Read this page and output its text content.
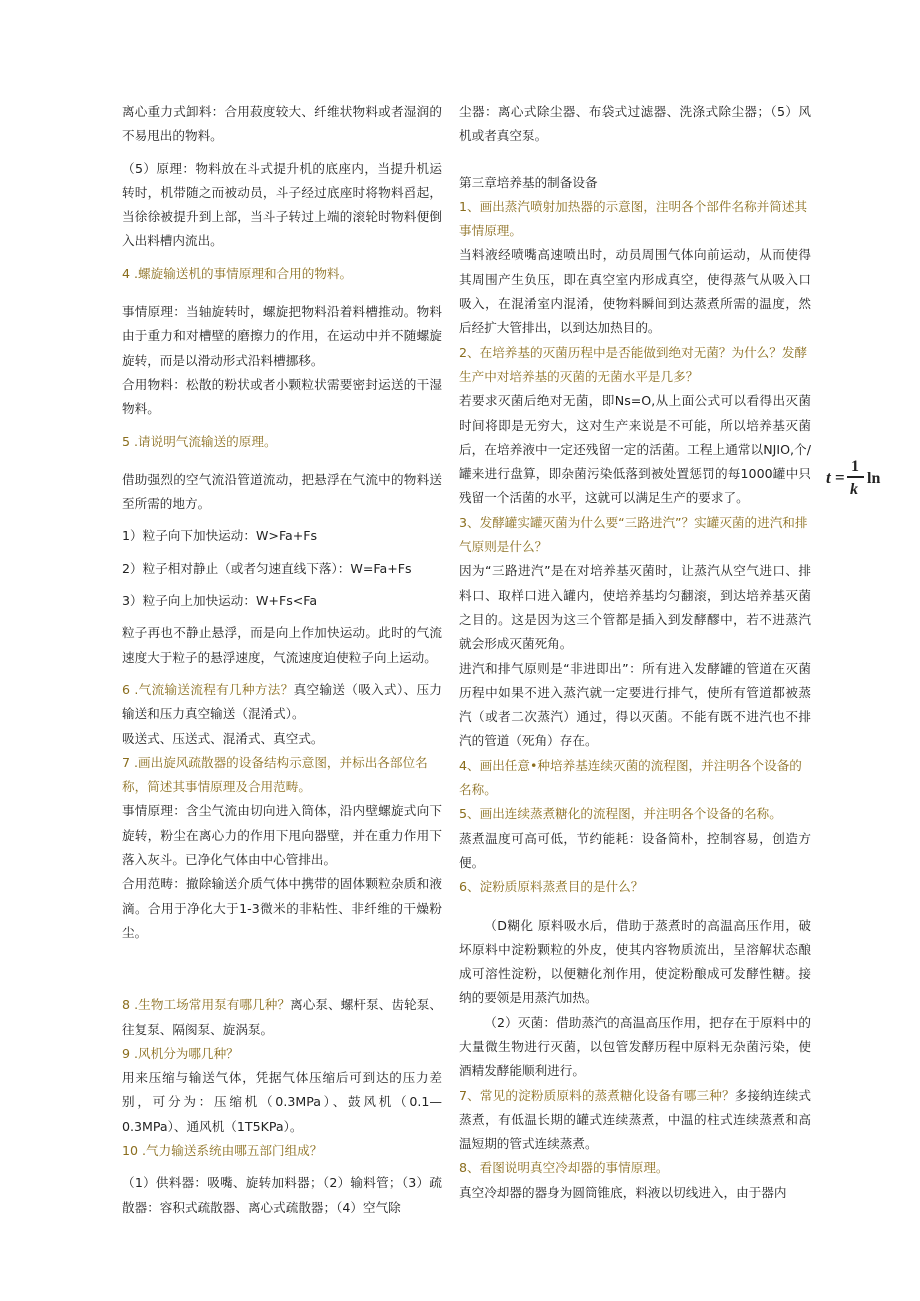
离心重力式卸料：合用菽度较大、纤维状物料或者湿润的不易甩出的物料。

（5）原理：物料放在斗式提升机的底座内，当提升机运转时，机带随之而被动员，斗子经过底座时将物料舀起，当徐徐被提升到上部，当斗子转过上端的滚轮时物料便倒入出料槽内流出。

4 .螺旋输送机的事情原理和合用的物料。

事情原理：当轴旋转时，螺旋把物料沿着料槽推动。物料由于重力和对槽壁的磨擦力的作用，在运动中并不随螺旋旋转，而是以滑动形式沿料槽挪移。

合用物料：松散的粉状或者小颗粒状需要密封运送的干湿物料。

5 .请说明气流输送的原理。

借助强烈的空气流沿管道流动，把悬浮在气流中的物料送至所需的地方。

1）粒子向下加快运动：W>Fa+Fs

2）粒子相对静止（或者匀速直线下落）：W=Fa+Fs

3）粒子向上加快运动：W+Fs<Fa

粒子再也不静止悬浮，而是向上作加快运动。此时的气流速度大于粒子的悬浮速度，气流速度迫使粒子向上运动。

6 .气流输送流程有几种方法？真空输送（吸入式）、压力输送和压力真空输送（混淆式）。

吸送式、压送式、混淆式、真空式。

7 .画出旋风疏散器的设备结构示意图，并标出各部位名称，简述其事情原理及合用范畴。

事情原理：含尘气流由切向进入筒体，沿内壁螺旋式向下旋转，粉尘在离心力的作用下甩向器壁，并在重力作用下落入灰斗。已净化气体由中心管排出。

合用范畴：撤除输送介质气体中携带的固体颗粒杂质和液滴。合用于净化大于1-3微米的非粘性、非纤维的干燥粉尘。

8 .生物工场常用泵有哪几种？离心泵、螺杆泵、齿轮泵、往复泵、隔阂泵、旋涡泵。

9 .风机分为哪几种？

用来压缩与输送气体，凭据气体压缩后可到达的压力差别，可分为：压缩机（0.3MPa）、鼓风机（0.1—0.3MPa）、通风机（1T5KPa）。

10 .气力输送系统由哪五部门组成？

（1）供料器：吸嘴、旋转加料器；（2）输料管；（3）疏散器：容积式疏散器、离心式疏散器；（4）空气除

尘器：离心式除尘器、布袋式过滤器、洗涤式除尘器；（5）风机或者真空泵。

第三章培养基的制备设备

1、画出蒸汽喷射加热器的示意图，注明各个部件名称并简述其事情原理。

当料液经喷嘴高速喷出时，动员周围气体向前运动，从而使得其周围产生负压，即在真空室内形成真空，使得蒸气从吸入口吸入，在混淆室内混淆，使物料瞬间到达蒸煮所需的温度，然后经扩大管排出，以到达加热目的。

2、在培养基的灭菌历程中是否能做到绝对无菌？为什么？发酵生产中对培养基的灭菌的无菌水平是几多？

若要求灭菌后绝对无菌，即Ns=O,从上面公式可以看得出灭菌时间将即是无穷大，这对生产来说是不可能，所以培养基灭菌后，在培养液中一定还残留一定的活菌。工程上通常以NJIO,个/罐来进行盘算，即杂菌污染低落到被处置惩罚的每1000罐中只残留一个活菌的水平，这就可以满足生产的要求了。

3、发酵罐实罐灭菌为什么要“三路进汽”？实罐灭菌的进汽和排气原则是什么？

因为“三路进汽”是在对培养基灭菌时，让蒸汽从空气进口、排料口、取样口进入罐内，使培养基均匀翻滚，到达培养基灭菌之目的。这是因为这三个管都是插入到发酵醪中，若不进蒸汽就会形成灭菌死角。

进汽和排气原则是“非进即出”：所有进入发酵罐的管道在灭菌历程中如果不进入蒸汽就一定要进行排气，使所有管道都被蒸汽（或者二次蒸汽）通过，得以灭菌。不能有既不进汽也不排汽的管道（死角）存在。

4、画出任意•种培养基连续灭菌的流程图，并注明各个设备的名称。

5、画出连续蒸煮糖化的流程图，并注明各个设备的名称。

蒸煮温度可高可低，节约能耗：设备简朴，控制容易，创造方便。

6、淀粉质原料蒸煮目的是什么？

（D糊化 原料吸水后，借助于蒸煮时的高温高压作用，破坏原料中淀粉颗粒的外皮，使其内容物质流出，呈溶解状态酿成可溶性淀粉，以便糖化剂作用，使淀粉酿成可发酵性糖。接纳的要领是用蒸汽加热。

（2）灭菌：借助蒸汽的高温高压作用，把存在于原料中的大量微生物进行灭菌，以包管发酵历程中原料无杂菌污染，使酒精发酵能顺利进行。

7、常见的淀粉质原料的蒸煮糖化设备有哪三种？多接纳连续式蒸煮，有低温长期的罐式连续蒸煮，中温的柱式连续蒸煮和高温短期的管式连续蒸煮。

8、看图说明真空冷却器的事情原理。

真空冷却器的器身为圆筒锥底，料液以切线进入，由于器内

t =
1
k
ln
